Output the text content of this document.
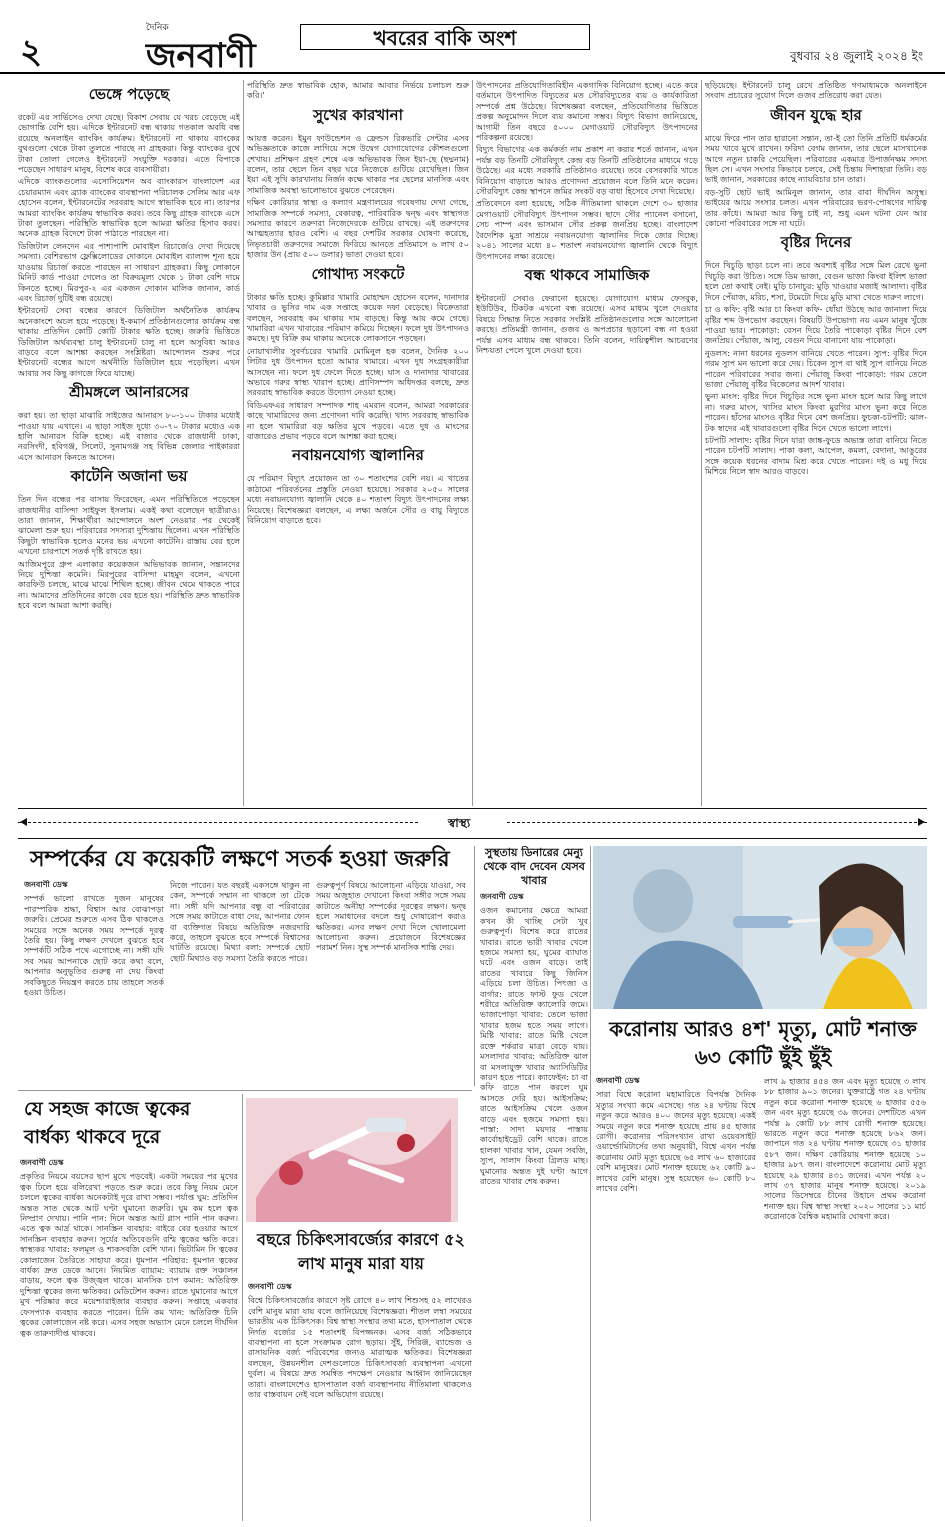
২
দৈনিক
জনবাণী	খবরের বাকি অংশ
বুধবার ২৪ জুলাই ২০২৪ ইং
ভেঙ্গে পড়েছে

রকেট এর সার্ভিসেও দেখা যেছে। বিকাশ সেবায় যে খরচ বেড়েছে এই ভোগান্তি বেশি হয়। এদিকে ইন্টারনেট বন্ধ থাকায় গতকাল অবধি বন্ধ রয়েছে অনলাইন ব্যাংকিং কার্যক্রম। ইন্টারনেট না থাকায় ব্যাংকের বুথগুলো থেকে টাকা তুলতে পারছে না গ্রাহকরা। কিন্তু ব্যাংকের বুথে টাকা তোলা গেলেও ইন্টারনেট সংযুক্তি দরকার। এতে বিপাকে পড়েছেন সাধারণ মানুষ, বিশেষ করে ব্যবসায়ীরা।

এদিকে ব্যাংকগুলোর এসোসিয়েশন অব ব্যাংকারস বাংলাদেশ এর চেয়ারম্যান এবং ব্র্যাক ব্যাংকের ব্যবস্থাপনা পরিচালক সেলিম আর এফ হোসেন বলেন, ইন্টারনেটের সরবরাহ আগে স্বাভাবিক হবে না। তারপর আমরা ব্যাংকিং কার্যক্রম স্বাভাবিক করব। তবে কিছু গ্রাহক ব্যাংকে এসে টাকা তুলছেন। পরিস্থিতি স্বাভাবিক হলে আমরা ক্ষতির হিসাব করব। অনেক গ্রাহক বিদেশে টাকা পাঠাতে পারছেন না।

ডিজিটাল লেনদেন এর পাশাপাশি মোবাইল রিচার্জেও দেখা দিয়েছে সমস্যা। বেশিরভাগ ফ্লেক্সিলোডের দোকানে মোবাইল ব্যালান্স শূন্য হয়ে যাওয়ায় রিচার্জ করতে পারছেন না সাধারণ গ্রাহকরা। কিছু লোকানে মিনিট কার্ড পাওয়া গেলেও তা বিক্রয়মূল্য থেকে ১ টাকা বেশি দামে কিনতে হচ্ছে। মিরপুর-২ এর একজন দোকান মালিক জানান, কার্ড এবং রিচার্জ দুটিই বন্ধ রয়েছে।

ইন্টারনেট সেবা বন্ধের কারণে ডিজিটাল অর্থনৈতিক কার্যক্রম অনেকাংশে অচল হয়ে পড়েছে। ই-কমার্স প্রতিষ্ঠানগুলোর কার্যক্রম বন্ধ থাকায় প্রতিদিন কোটি কোটি টাকার ক্ষতি হচ্ছে। জরুরি ভিত্তিতে ডিজিটাল অর্থব্যবস্থা চালু ইন্টারনেট চালু না হলে অসুবিধা আরও বাড়বে বলে আশঙ্কা করছেন সংশ্লিষ্টরা। আন্দোলন শুরুর পরে ইন্টারনেট বন্ধের আগে অর্থনীতি ডিজিটাল হয়ে পড়েছিল। এখন আবার সব কিছু কাগজে ফিরে যাচ্ছে।

শ্রীমঙ্গলে আনারসের

করা হয়। তা ছাড়া মাঝারি সাইজের আনারস ৮০-১০০ টাকার মধ্যেই পাওয়া যায় এখানে। এ ছাড়া সাইজ দুধ্যে ৩০-৭০ টাকার মধ্যেও এক হালি আনারস বিক্রি হচ্ছে। এই বাজার থেকে রাজধানী ঢাকা, নরসিংদী, হবিগঞ্জ, সিলেট, সুনামগঞ্জ সহ বিভিন্ন জেলার পাইকাররা এসে আনারস কিনতে আসেন।

কাটেনি অজানা ভয়

তিন দিন বন্ধের পর বাসায় ফিরেছেন, এমন পরিস্থিতিতে পড়েছেন রাজধানীর বাসিন্দা সাইফুল ইসলাম। একই কথা বলেছেন ছাত্রীরাও। তারা জানান, শিক্ষার্থীরা আন্দোলনে অংশ নেওয়ার পর থেকেই ঝামেলা শুরু হয়। পরিবারের সদস্যরা দুশ্চিন্তায় ছিলেন। এখন পরিস্থিতি কিছুটা স্বাভাবিক হলেও মনের ভয় এখনো কাটেনি। রাস্তায় বের হলে এখনো চারপাশে সতর্ক দৃষ্টি রাখতে হয়।

আজিমপুরে গ্রুপ এলাকার কয়েকজন অভিভাবক জানান, সন্তানদের নিয়ে দুশ্চিন্তা কমেনি। মিরপুরের বাসিন্দা মাহমুদ বলেন, এখনো কারফিউ চলছে, মাঝে মাঝে শিথিল হচ্ছে। জীবন থেমে থাকতে পারে না। আমাদের প্রতিদিনের কাজে বের হতে হয়। পরিস্থিতি দ্রুত স্বাভাবিক হবে বলে আমরা আশা করছি।

পরিস্থিতি দ্রুত স্বাভাবিক হোক, আমার আবার নির্ভয়ে চলাচল শুরু করি।'

সুখের কারখানা

আয়ত্ত করেন। ইমুন ফাউন্ডেশন ও ফ্রেন্ডস রিকভারি সেন্টার এসব অভিজ্ঞতাকে কাজে লাগিয়ে সঙ্গে উদ্বেগ যোগাযোগের কৌশলগুলো শেখায়। প্রশিক্ষণ গ্রহণ শেষে এক অভিভাবক জিন ইয়া-ছে (ছদ্মনাম) বলেন, তার ছেলে তিন বছর ঘরে নিজেকে গুটিয়ে রেখেছিল। জিন ইয়া এই সুখি কারখানায় নির্জন কক্ষে থাকার পর ছেলের মানসিক এবং সামাজিক অবস্থা ভালোভাবে বুঝতে পেরেছেন।

দক্ষিণ কোরিয়ার স্বাস্থ্য ও কল্যাণ মন্ত্রণালয়ের গবেষণায় দেখা গেছে, সামাজিক সম্পর্কে সমস্যা, বেকারত্ব, পারিবারিক দ্বন্দ্ব এবং স্বাস্থ্যগত সমস্যার কারণে তরুণরা নিজেদেরকে গুটিয়ে রাখছে। এই তরুণদের আত্মহত্যার হারও বেশি। এ বছর দেশটির সরকার ঘোষণা করেছে, নিভৃতচারী তরুণদের সমাজে ফিরিয়ে আনতে প্রতিমাসে ৬ লাখ ৫০ হাজার উন (প্রায় ৫০০ ডলার) ভাতা দেওয়া হবে।

গোখাদ্য সংকটে

টাকার ক্ষতি হচ্ছে। কুমিল্লার খামারি মোহাম্মদ হোসেন বলেন, দানাদার খাবার ও ভুসির দাম এক সপ্তাহে কয়েক দফা বেড়েছে। বিক্রেতারা বলছেন, সরবরাহ কম থাকায় দাম বাড়ছে। কিন্তু আয় কমে গেছে। খামারিরা এখন খাবারের পরিমাণ কমিয়ে দিচ্ছেন। ফলে দুধ উৎপাদনও কমছে। দুধ বিক্রি কম থাকায় অনেকে লোকসানে পড়ছেন।

নোয়াখালীর সুবর্ণচরের খামারি মোমিনুল হক বলেন, দৈনিক ২০০ লিটার দুধ উৎপাদন হতো আমার খামারে। এখন দুধ সংগ্রহকারীরা আসছেন না। ফলে দুধ ফেলে দিতে হচ্ছে। ঘাস ও দানাদার খাবারের অভাবে গরুর স্বাস্থ্য খারাপ হচ্ছে। প্রাণিসম্পদ অধিদপ্তর বলছে, দ্রুত সরবরাহ স্বাভাবিক করতে উদ্যোগ নেওয়া হচ্ছে।

বিডিএফএর সাধারণ সম্পাদক শাহ এমরান বলেন, আমরা সরকারের কাছে খামারিদের জন্য প্রণোদনা দাবি করেছি। খাদ্য সরবরাহ স্বাভাবিক না হলে খামারিরা বড় ক্ষতির মুখে পড়বে। এতে দুধ ও মাংসের বাজারেও প্রভাব পড়বে বলে আশঙ্কা করা হচ্ছে।

নবায়নযোগ্য জ্বালানির

যে পরিমাণ বিদ্যুৎ প্রয়োজন তা ৩০ শতাংশের বেশি নয়। এ খাতের কাঠামো পরিবর্তনের প্রস্তুতি নেওয়া হয়েছে। সরকার ২০৫০ সালের মধ্যে নবায়নযোগ্য জ্বালানি থেকে ৪০ শতাংশ বিদ্যুৎ উৎপাদনের লক্ষ্য নিয়েছে। বিশেষজ্ঞরা বলছেন, এ লক্ষ্য অর্জনে সৌর ও বায়ু বিদ্যুতে বিনিয়োগ বাড়াতে হবে।

উৎপাদনের প্রতিযোগিতাবিহীন একগাদিক বিনিয়োগ হচ্ছে। এতে করে বর্তমানে উৎপাদিত বিদ্যুতের মত সৌরবিদ্যুতের ব্যয় ও কার্যকারিতা সম্পর্কে প্রশ্ন উঠেছে। বিশেষজ্ঞরা বলছেন, প্রতিযোগিতার ভিত্তিতে প্রকল্প অনুমোদন দিলে ব্যয় কমানো সম্ভব। বিদ্যুৎ বিভাগ জানিয়েছে, আগামী তিন বছরে ৫০০০ মেগাওয়াট সৌরবিদ্যুৎ উৎপাদনের পরিকল্পনা রয়েছে।

বিদ্যুৎ বিভাগের এক কর্মকর্তা নাম প্রকাশ না করার শর্তে জানান, এখন পর্যন্ত বড় তিনটি সৌরবিদ্যুৎ কেন্দ্র বড় তিনটি প্রতিষ্ঠানের মাধ্যমে গড়ে উঠেছে। এর মধ্যে সরকারি প্রতিষ্ঠানও রয়েছে। তবে বেসরকারি খাতে বিনিয়োগ বাড়াতে আরও প্রণোদনা প্রয়োজন বলে তিনি মনে করেন। সৌরবিদ্যুৎ কেন্দ্র স্থাপনে জমির সংকট বড় বাধা হিসেবে দেখা দিয়েছে।

প্রতিবেদনে বলা হয়েছে, সঠিক নীতিমালা থাকলে দেশে ৩০ হাজার মেগাওয়াট সৌরবিদ্যুৎ উৎপাদন সম্ভব। ছাদে সৌর প্যানেল বসানো, সেচ পাম্প এবং ভাসমান সৌর প্রকল্প জনপ্রিয় হচ্ছে। বাংলাদেশ বৈদেশিক মুদ্রা সাশ্রয়ে নবায়নযোগ্য জ্বালানির দিকে জোর দিচ্ছে। ২০৪১ সালের মধ্যে ৪০ শতাংশ নবায়নযোগ্য জ্বালানি থেকে বিদ্যুৎ উৎপাদনের লক্ষ্য রয়েছে।

বন্ধ থাকবে সামাজিক

ইন্টারনেট সেবাও ফেরানো হয়েছে। যোগাযোগ মাধ্যম ফেসবুক, ইউটিউব, টিকটক এখনো বন্ধ রয়েছে। এসব মাধ্যম খুলে দেওয়ার বিষয়ে সিদ্ধান্ত নিতে সরকার সংশ্লিষ্ট প্রতিষ্ঠানগুলোর সঙ্গে আলোচনা করছে। প্রতিমন্ত্রী জানান, গুজব ও অপপ্রচার ছড়ানো বন্ধ না হওয়া পর্যন্ত এসব মাধ্যম বন্ধ থাকবে। তিনি বলেন, দায়িত্বশীল আচরণের নিশ্চয়তা পেলে খুলে দেওয়া হবে।

ছড়িয়েছে। ইন্টারনেট চালু রেখে প্রতিষ্ঠিত গণমাধ্যমকে অনলাইনে সংবাদ প্রচারের সুযোগ দিলে গুজব প্রতিরোধ করা যেত।

জীবন যুদ্ধে হার

মাঝে ফিরে পান তার হারানো সন্তান, তা-ই তো তিনি প্রতিটি ধর্মকর্মের সময় খাবে মুখে রাখেন। ফরিদা বেগম জানান, তার ছেলে মাসখানেক আগে নতুন চাকরি পেয়েছিল। পরিবারের একমাত্র উপার্জনক্ষম সদস্য ছিল সে। এখন সংসার কিভাবে চলবে, সেই চিন্তায় দিশাহারা তিনি। বড় ভাই জানান, সরকারের কাছে ন্যায়বিচার চান তারা।

বড়-সুটি ছোট ভাই আমিনুল জানান, তার বাবা দীর্ঘদিন অসুস্থ। ভাইয়ের আয়ে সংসার চলত। এখন পরিবারের ভরণ-পোষণের দায়িত্ব তার কাঁধে। আমরা আর কিছু চাই না, শুধু এমন ঘটনা যেন আর কোনো পরিবারের সঙ্গে না ঘটে।

বৃষ্টির দিনের

দিনে খিচুড়ি ছাড়া চলে না। তবে অবশ্যই বৃষ্টির সঙ্গে মিল রেখে ভুনা খিচুড়ি করা উচিত। সঙ্গে ডিম ভাজা, বেগুন ভাজা কিংবা ইলিশ ভাজা হলে তো কথাই নেই। মুড়ি চানাচুর: মুড়ি খাওয়ার মজাই আলাদা। বৃষ্টির দিনে পেঁয়াজ, মরিচ, শসা, টমেটো দিয়ে মুড়ি মাখা খেতে দারুণ লাগে।

চা ও কফি: বৃষ্টি আর চা কিংবা কফি- ধোঁয়া উঠছে আর জানালা দিয়ে বৃষ্টির শব্দ উপভোগ করছেন। বিষয়টি উপভোগ্য নয় এমন মানুষ খুঁজে পাওয়া ভার। পাকোড়া: বেসন দিয়ে তৈরি পাকোড়া বৃষ্টির দিনে বেশ জনপ্রিয়। পেঁয়াজ, আলু, বেগুন দিয়ে বানানো যায় পাকোড়া।

নুডলস: নানা ধরনের নুডলস বানিয়ে খেতে পারেন। স্যুপ: বৃষ্টির দিনে গরম স্যুপ মন ভালো করে দেয়। চিকেন স্যুপ বা থাই স্যুপ বানিয়ে নিতে পারেন পরিবারের সবার জন্য। পেঁয়াজু কিংবা পাকোড়া: গরম তেলে ভাজা পেঁয়াজু বৃষ্টির বিকেলের আদর্শ খাবার।

ভুনা মাংস: বৃষ্টির দিনে খিচুড়ির সঙ্গে ভুনা মাংস হলে আর কিছু লাগে না। গরুর মাংস, খাসির মাংস কিংবা মুরগির মাংস ভুনা করে নিতে পারেন। হাঁসের মাংসও বৃষ্টির দিনে বেশ জনপ্রিয়। ফুচকা-চটপটি: ঝাল-টক স্বাদের এই খাবারগুলো বৃষ্টির দিনে খেতে ভালো লাগে।

চটপটি সালাদ: বৃষ্টির দিনে যারা জাঙ্ক-ফুডে অভ্যস্ত তারা বানিয়ে নিতে পারেন চটপটি সালাদ। পাকা কলা, আপেল, কমলা, বেদানা, আঙুরের সঙ্গে কয়েক ধরনের বাদাম মিশ্র করে খেতে পারেন। দই ও মধু দিয়ে মিশিয়ে নিলে স্বাদ আরও বাড়বে।

স্বাস্থ্য
সম্পর্কের যে কয়েকটি লক্ষণে সতর্ক হওয়া জরুরি
জনবাণী ডেস্ক

সম্পর্ক ভালো রাখতে দুজন মানুষের পারস্পরিক শ্রদ্ধা, বিশ্বাস আর বোঝাপড়া জরুরি। প্রেমের শুরুতে এসব ঠিক থাকলেও সময়ের সঙ্গে অনেক সময় সম্পর্কে দূরত্ব তৈরি হয়। কিছু লক্ষণ দেখলে বুঝতে হবে সম্পর্কটি সঠিক পথে এগোচ্ছে না। সঙ্গী যদি সব সময় আপনাকে ছোট করে কথা বলে, আপনার অনুভূতির গুরুত্ব না দেয় কিংবা সবকিছুতে নিয়ন্ত্রণ করতে চায় তাহলে সতর্ক হওয়া উচিত।

নিজে পারেন। যত বছরই একসঙ্গে থাকুন না কেন, সম্পর্কে সম্মান না থাকলে তা টেকে না। সঙ্গী যদি আপনার বন্ধু বা পরিবারের সঙ্গে সময় কাটাতে বাধা দেয়, আপনার ফোন বা ব্যক্তিগত বিষয়ে অতিরিক্ত নজরদারি করে, তাহলে বুঝতে হবে সম্পর্কে বিশ্বাসের ঘাটতি রয়েছে। মিথ্যা বলা: সম্পর্কে ছোট ছোট মিথ্যাও বড় সমস্যা তৈরি করতে পারে।

গুরুত্বপূর্ণ বিষয়ে আলোচনা এড়িয়ে যাওয়া, সব সময় অজুহাত দেখানো কিংবা সঙ্গীর সঙ্গে সময় কাটাতে অনীহা সম্পর্কের দূরত্বের লক্ষণ। দ্বন্দ্ব হলে সমাধানের বদলে শুধু দোষারোপ করাও ক্ষতিকর। এসব লক্ষণ দেখা দিলে খোলামেলা আলোচনা করুন। প্রয়োজনে বিশেষজ্ঞের পরামর্শ নিন। সুস্থ সম্পর্ক মানসিক শান্তি দেয়।

সুস্থতায় ডিনারের মেন্যু থেকে বাদ দেবেন যেসব খাবার
জনবাণী ডেস্ক

ওজন কমানোর ক্ষেত্রে আমরা কখন কী খাচ্ছি সেটা খুব গুরুত্বপূর্ণ। বিশেষ করে রাতের খাবার। রাতে ভারী খাবার খেলে হজমে সমস্যা হয়, ঘুমের ব্যাঘাত ঘটে এবং ওজন বাড়ে। তাই রাতের খাবারে কিছু জিনিস এড়িয়ে চলা উচিত। পিৎজা ও বার্গার: রাতে ফাস্ট ফুড খেলে শরীরে অতিরিক্ত ক্যালোরি জমে। ভাজাপোড়া খাবার: তেলে ভাজা খাবার হজম হতে সময় লাগে। মিষ্টি খাবার: রাতে মিষ্টি খেলে রক্তে শর্করার মাত্রা বেড়ে যায়। মসলাদার খাবার: অতিরিক্ত ঝাল বা মসলাযুক্ত খাবার অ্যাসিডিটির কারণ হতে পারে। ক্যাফেইন: চা বা কফি রাতে পান করলে ঘুম আসতে দেরি হয়। আইসক্রিম: রাতে আইসক্রিম খেলে ওজন বাড়ে এবং হজমে সমস্যা হয়। পাস্তা: সাদা ময়দার পাস্তায় কার্বোহাইড্রেট বেশি থাকে। রাতে হালকা খাবার খান, যেমন সবজি, স্যুপ, সালাদ কিংবা গ্রিলড মাছ। ঘুমানোর অন্তত দুই ঘণ্টা আগে রাতের খাবার শেষ করুন।

করোনায় আরও ৪শ' মৃত্যু, মোট শনাক্ত ৬৩ কোটি ছুঁই ছুঁই
জনবাণী ডেস্ক

সারা বিশ্বে করোনা মহামারিতে বিপর্যস্ত দৈনিক মৃত্যুর সংখ্যা কমে এসেছে। গত ২৪ ঘণ্টায় বিশ্বে নতুন করে আরও ৪০০ জনের মৃত্যু হয়েছে। একই সময়ে নতুন করে শনাক্ত হয়েছে প্রায় ৪৫ হাজার রোগী। করোনার পরিসংখ্যান রাখা ওয়েবসাইট ওয়ার্ল্ডোমিটার্সের তথ্য অনুযায়ী, বিশ্বে এখন পর্যন্ত করোনায় মোট মৃত্যু হয়েছে ৬৫ লাখ ৬০ হাজারের বেশি মানুষের। মোট শনাক্ত হয়েছে ৬২ কোটি ৯০ লাখের বেশি মানুষ। সুস্থ হয়েছেন ৬০ কোটি ৮০ লাখের বেশি।

লাখ ৯ হাজার ৪৫৪ জন এবং মৃত্যু হয়েছে ৩ লাখ ৮৮ হাজার ৯০১ জনের। যুক্তরাষ্ট্রে গত ২৪ ঘণ্টায় নতুন করে করোনা শনাক্ত হয়েছে ৬ হাজার ৫৫৬ জন এবং মৃত্যু হয়েছে ৩৯ জনের। দেশটিতে এখন পর্যন্ত ৯ কোটি ৮৮ লাখ রোগী শনাক্ত হয়েছে। ভারতে নতুন করে শনাক্ত হয়েছে ৮৬২ জন। জাপানে গত ২৪ ঘণ্টায় শনাক্ত হয়েছে ৩১ হাজার ৫৮৭ জন। দক্ষিণ কোরিয়ায় শনাক্ত হয়েছে ১০ হাজার ৯৮৭ জন। বাংলাদেশে করোনায় মোট মৃত্যু হয়েছে ২৯ হাজার ৪৩১ জনের। এখন পর্যন্ত ২০ লাখ ৩৭ হাজার মানুষ শনাক্ত হয়েছে। ২০১৯ সালের ডিসেম্বরে চীনের উহানে প্রথম করোনা শনাক্ত হয়। বিশ্ব স্বাস্থ্য সংস্থা ২০২০ সালের ১১ মার্চ করোনাকে বৈশ্বিক মহামারি ঘোষণা করে।

যে সহজ কাজে ত্বকের বার্ধক্য থাকবে দূরে
জনবাণী ডেস্ক

প্রকৃতির নিয়মে বয়সের ছাপ মুখে পড়বেই। একটা সময়ের পর মুখের ত্বক ঢিলে হয়ে বলিরেখা পড়তে শুরু করে। তবে কিছু নিয়ম মেনে চললে ত্বকের বার্ধক্য অনেকটাই দূরে রাখা সম্ভব। পর্যাপ্ত ঘুম: প্রতিদিন অন্তত সাত থেকে আট ঘণ্টা ঘুমানো জরুরি। ঘুম কম হলে ত্বক নিষ্প্রাণ দেখায়। পানি পান: দিনে অন্তত আট গ্লাস পানি পান করুন। এতে ত্বক আর্দ্র থাকে। সানস্ক্রিন ব্যবহার: বাইরে বের হওয়ার আগে সানস্ক্রিন ব্যবহার করুন। সূর্যের অতিবেগুনি রশ্মি ত্বকের ক্ষতি করে। স্বাস্থ্যকর খাবার: ফলমূল ও শাকসবজি বেশি খান। ভিটামিন সি ত্বকের কোলাজেন তৈরিতে সাহায্য করে। ধূমপান পরিহার: ধূমপান ত্বকের বার্ধক্য দ্রুত ডেকে আনে। নিয়মিত ব্যায়াম: ব্যায়াম রক্ত সঞ্চালন বাড়ায়, ফলে ত্বক উজ্জ্বল থাকে। মানসিক চাপ কমান: অতিরিক্ত দুশ্চিন্তা ত্বকের জন্য ক্ষতিকর। মেডিটেশন করুন। রাতে ঘুমানোর আগে মুখ পরিষ্কার করে ময়েশ্চারাইজার ব্যবহার করুন। সপ্তাহে একবার ফেসপ্যাক ব্যবহার করতে পারেন। চিনি কম খান: অতিরিক্ত চিনি ত্বকের কোলাজেন নষ্ট করে। এসব সহজ অভ্যাস মেনে চললে দীর্ঘদিন ত্বক তারুণ্যদীপ্ত থাকবে।

বছরে চিকিৎসাবর্জ্যের কারণে ৫২ লাখ মানুষ মারা যায়
জনবাণী ডেস্ক

বিশ্বে চিকিৎসাবর্জ্যের কারণে সৃষ্ট রোগে ৪০ লাখ শিশুসহ ৫২ লাখেরও বেশি মানুষ মারা যায় বলে জানিয়েছে বিশেষজ্ঞরা। শীতল লম্বা সময়ের ভারতীয় এক চিকিৎসক। বিশ্ব স্বাস্থ্য সংস্থার তথ্য মতে, হাসপাতাল থেকে নির্গত বর্জ্যের ১৫ শতাংশই বিপজ্জনক। এসব বর্জ্য সঠিকভাবে ব্যবস্থাপনা না হলে সংক্রামক রোগ ছড়ায়। সুঁই, সিরিঞ্জ, ব্যান্ডেজ ও রাসায়নিক বর্জ্য পরিবেশের জন্যও মারাত্মক ক্ষতিকর। বিশেষজ্ঞরা বলছেন, উন্নয়নশীল দেশগুলোতে চিকিৎসাবর্জ্য ব্যবস্থাপনা এখনো দুর্বল। এ বিষয়ে দ্রুত সমন্বিত পদক্ষেপ নেওয়ার আহ্বান জানিয়েছেন তারা। বাংলাদেশেও হাসপাতাল বর্জ্য ব্যবস্থাপনায় নীতিমালা থাকলেও তার বাস্তবায়ন নেই বলে অভিযোগ রয়েছে।
